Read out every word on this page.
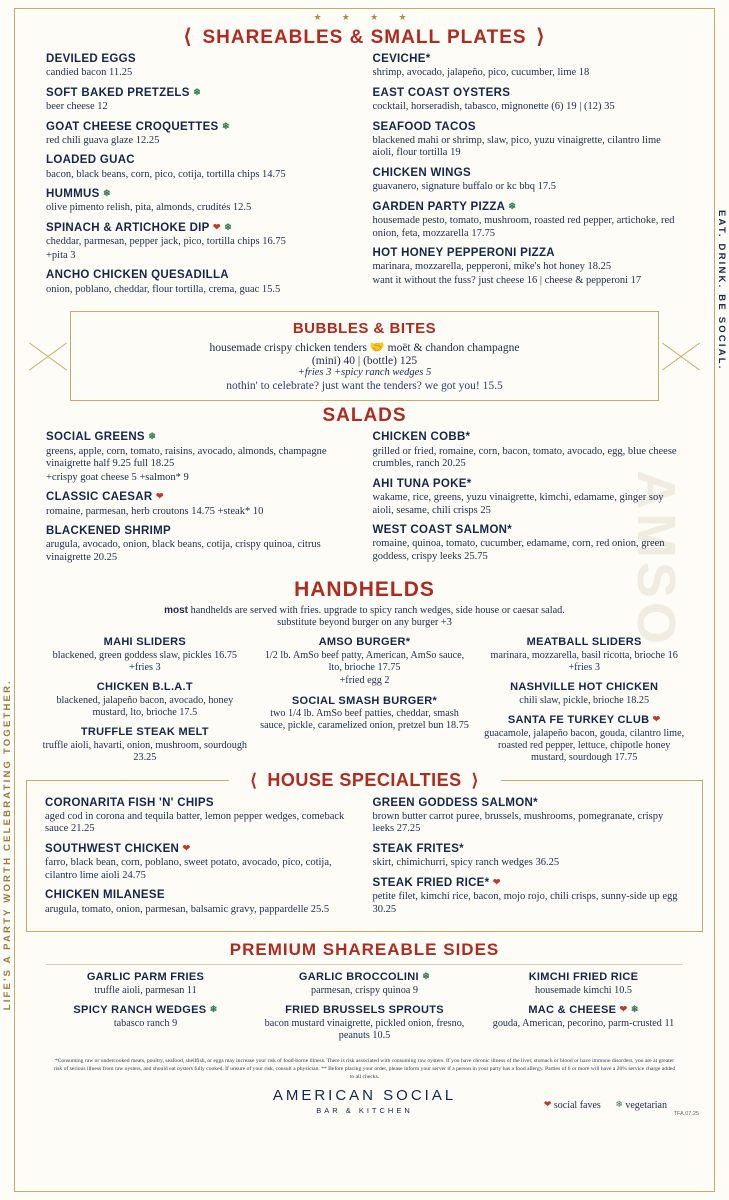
AMSO
EAT. DRINK. BE SOCIAL.
LIFE'S A PARTY WORTH CELEBRATING TOGETHER.
★ ★ ★ ★
⟨ SHAREABLES & SMALL PLATES ⟩
DEVILED EGGS
candied bacon 11.25
SOFT BAKED PRETZELS ❄
beer cheese 12
GOAT CHEESE CROQUETTES ❄
red chili guava glaze 12.25
LOADED GUAC
bacon, black beans, corn, pico, cotija, tortilla chips 14.75
HUMMUS ❄
olive pimento relish, pita, almonds, crudités 12.5
SPINACH & ARTICHOKE DIP ❤ ❄
cheddar, parmesan, pepper jack, pico, tortilla chips 16.75
+pita 3
ANCHO CHICKEN QUESADILLA
onion, poblano, cheddar, flour tortilla, crema, guac 15.5
CEVICHE*
shrimp, avocado, jalapeño, pico, cucumber, lime 18
EAST COAST OYSTERS
cocktail, horseradish, tabasco, mignonette (6) 19 | (12) 35
SEAFOOD TACOS
blackened mahi or shrimp, slaw, pico, yuzu vinaigrette, cilantro lime aioli, flour tortilla 19
CHICKEN WINGS
guavanero, signature buffalo or kc bbq 17.5
GARDEN PARTY PIZZA ❄
housemade pesto, tomato, mushroom, roasted red pepper, artichoke, red onion, feta, mozzarella 17.75
HOT HONEY PEPPERONI PIZZA
marinara, mozzarella, pepperoni, mike's hot honey 18.25
want it without the fuss? just cheese 16 | cheese & pepperoni 17
BUBBLES & BITES
housemade crispy chicken tenders 🤝 moët & chandon champagne
(mini) 40 | (bottle) 125
+fries 3 +spicy ranch wedges 5
nothin' to celebrate? just want the tenders? we got you! 15.5
SALADS
SOCIAL GREENS ❄
greens, apple, corn, tomato, raisins, avocado, almonds, champagne vinaigrette half 9.25 full 18.25
+crispy goat cheese 5 +salmon* 9
CLASSIC CAESAR ❤
romaine, parmesan, herb croutons 14.75 +steak* 10
BLACKENED SHRIMP
arugula, avocado, onion, black beans, cotija, crispy quinoa, citrus vinaigrette 20.25
CHICKEN COBB*
grilled or fried, romaine, corn, bacon, tomato, avocado, egg, blue cheese crumbles, ranch 20.25
AHI TUNA POKE*
wakame, rice, greens, yuzu vinaigrette, kimchi, edamame, ginger soy aioli, sesame, chili crisps 25
WEST COAST SALMON*
romaine, quinoa, tomato, cucumber, edamame, corn, red onion, green goddess, crispy leeks 25.75
HANDHELDS
most handhelds are served with fries. upgrade to spicy ranch wedges, side house or caesar salad.
substitute beyond burger on any burger +3
MAHI SLIDERS
blackened, green goddess slaw, pickles 16.75 +fries 3
CHICKEN B.L.A.T
blackened, jalapeño bacon, avocado, honey mustard, lto, brioche 17.5
TRUFFLE STEAK MELT
truffle aioli, havarti, onion, mushroom, sourdough 23.25
AMSO BURGER*
1/2 lb. AmSo beef patty, American, AmSo sauce, lto, brioche 17.75
+fried egg 2
SOCIAL SMASH BURGER*
two 1/4 lb. AmSo beef patties, cheddar, smash sauce, pickle, caramelized onion, pretzel bun 18.75
MEATBALL SLIDERS
marinara, mozzarella, basil ricotta, brioche 16 +fries 3
NASHVILLE HOT CHICKEN
chili slaw, pickle, brioche 18.25
SANTA FE TURKEY CLUB ❤
guacamole, jalapeño bacon, gouda, cilantro lime, roasted red pepper, lettuce, chipotle honey mustard, sourdough 17.75
⟨ HOUSE SPECIALTIES ⟩
CORONARITA FISH 'N' CHIPS
aged cod in corona and tequila batter, lemon pepper wedges, comeback sauce 21.25
SOUTHWEST CHICKEN ❤
farro, black bean, corn, poblano, sweet potato, avocado, pico, cotija, cilantro lime aioli 24.75
CHICKEN MILANESE
arugula, tomato, onion, parmesan, balsamic gravy, pappardelle 25.5
GREEN GODDESS SALMON*
brown butter carrot puree, brussels, mushrooms, pomegranate, crispy leeks 27.25
STEAK FRITES*
skirt, chimichurri, spicy ranch wedges 36.25
STEAK FRIED RICE* ❤
petite filet, kimchi rice, bacon, mojo rojo, chili crisps, sunny-side up egg 30.25
PREMIUM SHAREABLE SIDES
GARLIC PARM FRIES
truffle aioli, parmesan 11
SPICY RANCH WEDGES ❄
tabasco ranch 9
GARLIC BROCCOLINI ❄
parmesan, crispy quinoa 9
FRIED BRUSSELS SPROUTS
bacon mustard vinaigrette, pickled onion, fresno, peanuts 10.5
KIMCHI FRIED RICE
housemade kimchi 10.5
MAC & CHEESE ❤ ❄
gouda, American, pecorino, parm-crusted 11
*Consuming raw or undercooked meats, poultry, seafood, shellfish, or eggs may increase your risk of food-borne illness. There is risk associated with consuming raw oysters. If you have chronic illness of the liver, stomach or blood or have immune disorders, you are at greater risk of serious illness from raw oysters, and should eat oysters fully cooked. If unsure of your risk, consult a physician. ** Before placing your order, please inform your server if a person in your party has a food allergy. Parties of 6 or more will have a 20% service charge added to all checks.
AMERICAN SOCIAL
BAR & KITCHEN
❤ social faves ❄ vegetarian
TFA.07.25
